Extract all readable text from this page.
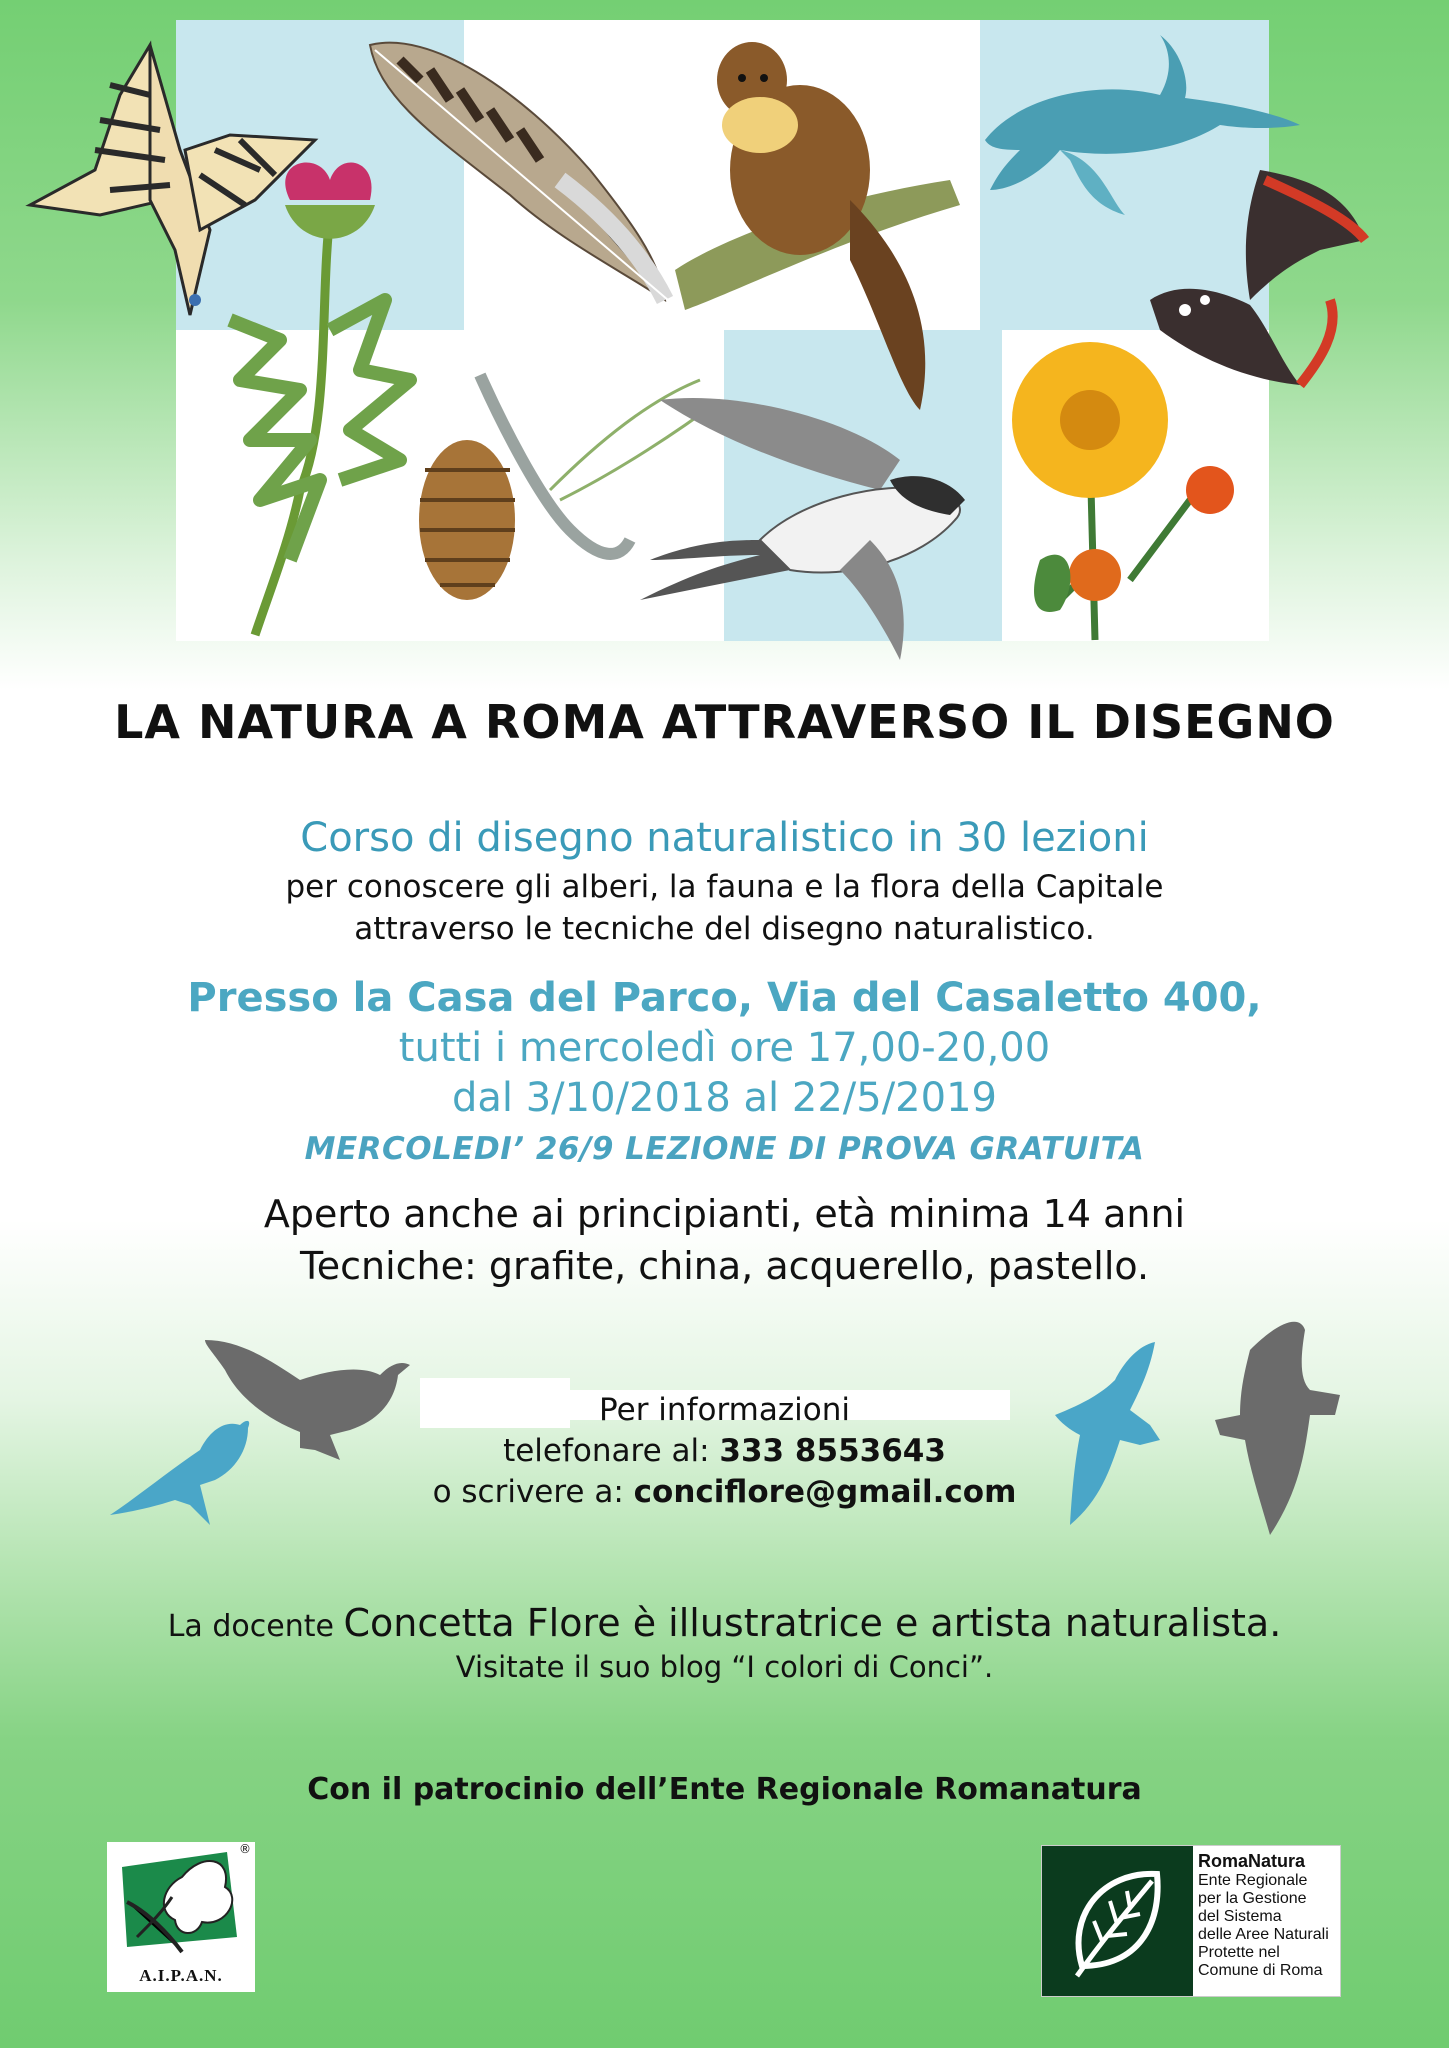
LA NATURA A ROMA ATTRAVERSO IL DISEGNO
Corso di disegno naturalistico in 30 lezioni
per conoscere gli alberi, la fauna e la flora della Capitale
attraverso le tecniche del disegno naturalistico.
Presso la Casa del Parco, Via del Casaletto 400,
tutti i mercoledì ore 17,00-20,00
dal 3/10/2018 al 22/5/2019
MERCOLEDI’ 26/9 LEZIONE DI PROVA GRATUITA
Aperto anche ai principianti, età minima 14 anni
Tecniche: grafite, china, acquerello, pastello.
Per informazioni
telefonare al: 333 8553643
o scrivere a: conciflore@gmail.com
La docente Concetta Flore è illustratrice e artista naturalista.
Visitate il suo blog “I colori di Conci”.
Con il patrocinio dell’Ente Regionale Romanatura
®
A.I.P.A.N.
RomaNatura
Ente Regionale
per la Gestione
del Sistema
delle Aree Naturali
Protette nel
Comune di Roma
